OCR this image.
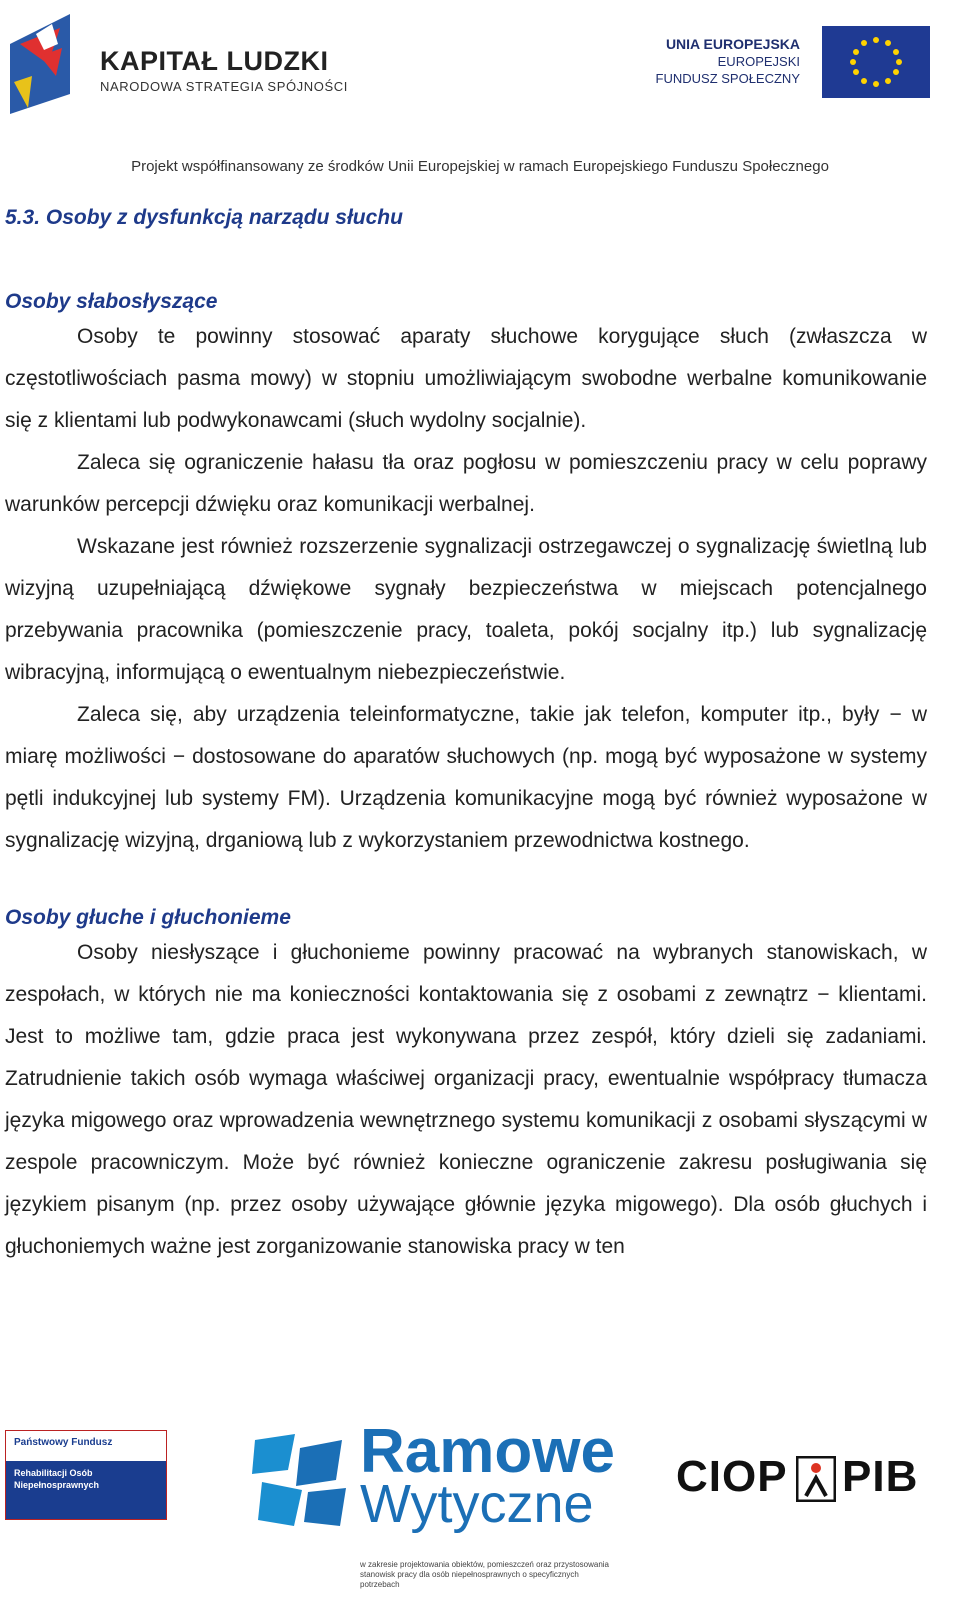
KAPITAŁ LUDZKI
NARODOWA STRATEGIA SPÓJNOŚCI
UNIA EUROPEJSKA
EUROPEJSKI
FUNDUSZ SPOŁECZNY
Projekt współfinansowany ze środków Unii Europejskiej w ramach Europejskiego Funduszu Społecznego
5.3. Osoby z dysfunkcją narządu słuchu
Osoby słabosłyszące

Osoby te powinny stosować aparaty słuchowe korygujące słuch (zwłaszcza w częstotliwościach pasma mowy) w stopniu umożliwiającym swobodne werbalne komunikowanie się z klientami lub podwykonawcami (słuch wydolny socjalnie).

Zaleca się ograniczenie hałasu tła oraz pogłosu w pomieszczeniu pracy w celu poprawy warunków percepcji dźwięku oraz komunikacji werbalnej.

Wskazane jest również rozszerzenie sygnalizacji ostrzegawczej o sygnalizację świetlną lub wizyjną uzupełniającą dźwiękowe sygnały bezpieczeństwa w miejscach potencjalnego przebywania pracownika (pomieszczenie pracy, toaleta, pokój socjalny itp.) lub sygnalizację wibracyjną, informującą o ewentualnym niebezpieczeństwie.

Zaleca się, aby urządzenia teleinformatyczne, takie jak telefon, komputer itp., były − w miarę możliwości − dostosowane do aparatów słuchowych (np. mogą być wyposażone w systemy pętli indukcyjnej lub systemy FM). Urządzenia komunikacyjne mogą być również wyposażone w sygnalizację wizyjną, drganiową lub z wykorzystaniem przewodnictwa kostnego.

Osoby głuche i głuchonieme

Osoby niesłyszące i głuchonieme powinny pracować na wybranych stanowiskach, w zespołach, w których nie ma konieczności kontaktowania się z osobami z zewnątrz − klientami. Jest to możliwe tam, gdzie praca jest wykonywana przez zespół, który dzieli się zadaniami. Zatrudnienie takich osób wymaga właściwej organizacji pracy, ewentualnie współpracy tłumacza języka migowego oraz wprowadzenia wewnętrznego systemu komunikacji z osobami słyszącymi w zespole pracowniczym. Może być również konieczne ograniczenie zakresu posługiwania się językiem pisanym (np. przez osoby używające głównie języka migowego). Dla osób głuchych i głuchoniemych ważne jest zorganizowanie stanowiska pracy w ten

Państwowy Fundusz
Rehabilitacji Osób
Niepełnosprawnych	Ramowe
Wytyczne
w zakresie projektowania obiektów, pomieszczeń oraz przystosowania stanowisk pracy dla osób niepełnosprawnych o specyficznych potrzebach
CIOP PIB
